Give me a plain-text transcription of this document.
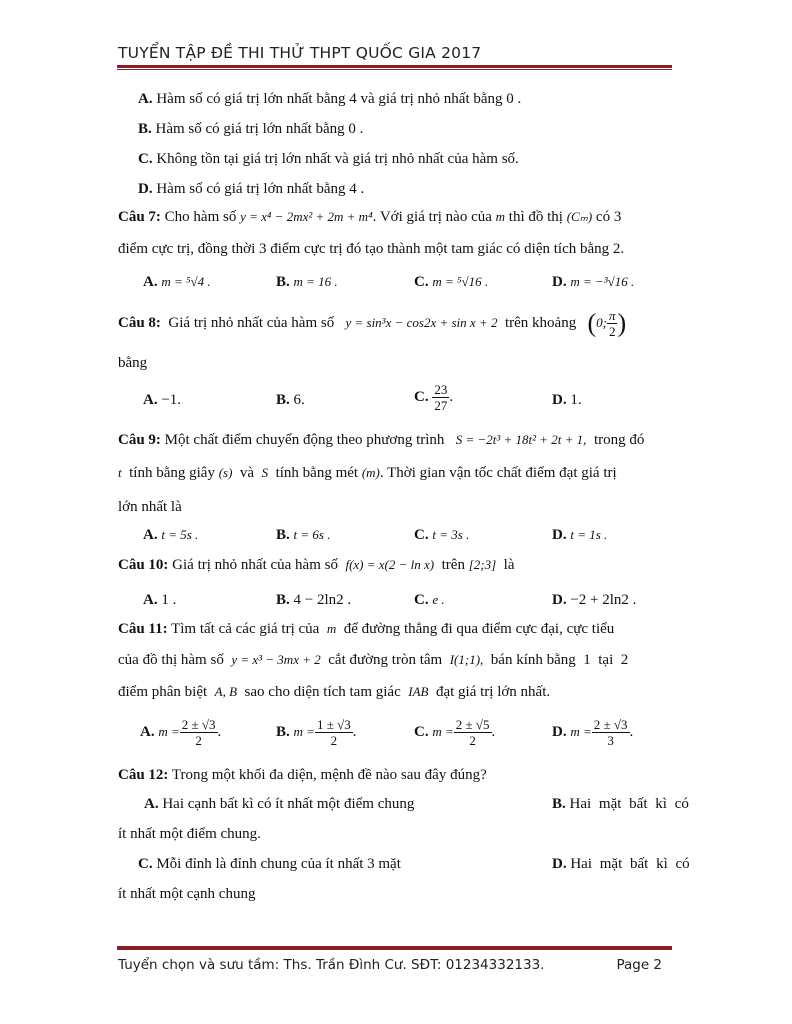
TUYỂN TẬP ĐỀ THI THỬ THPT QUỐC GIA 2017
A. Hàm số có giá trị lớn nhất bằng 4 và giá trị nhỏ nhất bằng 0 .
B. Hàm số có giá trị lớn nhất bằng 0 .
C. Không tồn tại giá trị lớn nhất và giá trị nhỏ nhất của hàm số.
D. Hàm số có giá trị lớn nhất bằng 4 .
Câu 7: Cho hàm số y = x⁴ − 2mx² + 2m + m⁴. Với giá trị nào của m thì đồ thị (Cₘ) có 3
điểm cực trị, đồng thời 3 điểm cực trị đó tạo thành một tam giác có diện tích bằng 2.
A. m = ⁵√4 .	B. m = 16 .	C. m = ⁵√16 .	D. m = −³√16 .
Câu 8: Giá trị nhỏ nhất của hàm số y = sin³x − cos2x + sin x + 2 trên khoảng (0; $\frac{\pi}{2}$ )
bằng
A. −1.	B. 6.	C. $\frac{23}{27}$ .	D. 1.
Câu 9: Một chất điểm chuyển động theo phương trình S = −2t³ + 18t² + 2t + 1, trong đó
t tính bằng giây (s) và S tính bằng mét (m). Thời gian vận tốc chất điểm đạt giá trị
lớn nhất là
A. t = 5s .	B. t = 6s .	C. t = 3s .	D. t = 1s .
Câu 10: Giá trị nhỏ nhất của hàm số f(x) = x(2 − ln x) trên [2;3] là
A. 1 .	B. 4 − 2ln2 .	C. e .	D. −2 + 2ln2 .
Câu 11: Tìm tất cả các giá trị của m để đường thẳng đi qua điểm cực đại, cực tiểu
của đồ thị hàm số y = x³ − 3mx + 2 cắt đường tròn tâm I(1;1), bán kính bằng 1 tại 2
điểm phân biệt A, B sao cho diện tích tam giác IAB đạt giá trị lớn nhất.
A. $m = \frac{2 \pm √3}{2}$ .	B. $m = \frac{1 \pm √3}{2}$ .	C. $m = \frac{2 \pm √5}{2}$ .	D. $m = \frac{2 \pm √3}{3}$ .
Câu 12: Trong một khối đa diện, mệnh đề nào sau đây đúng?
A. Hai cạnh bất kì có ít nhất một điểm chung	B. Hai mặt bất kì có
ít nhất một điểm chung.
C. Mỗi đỉnh là đỉnh chung của ít nhất 3 mặt	D. Hai mặt bất kì có
ít nhất một cạnh chung
Tuyển chọn và sưu tầm: Ths. Trần Đình Cư. SĐT: 01234332133.	Page 2
